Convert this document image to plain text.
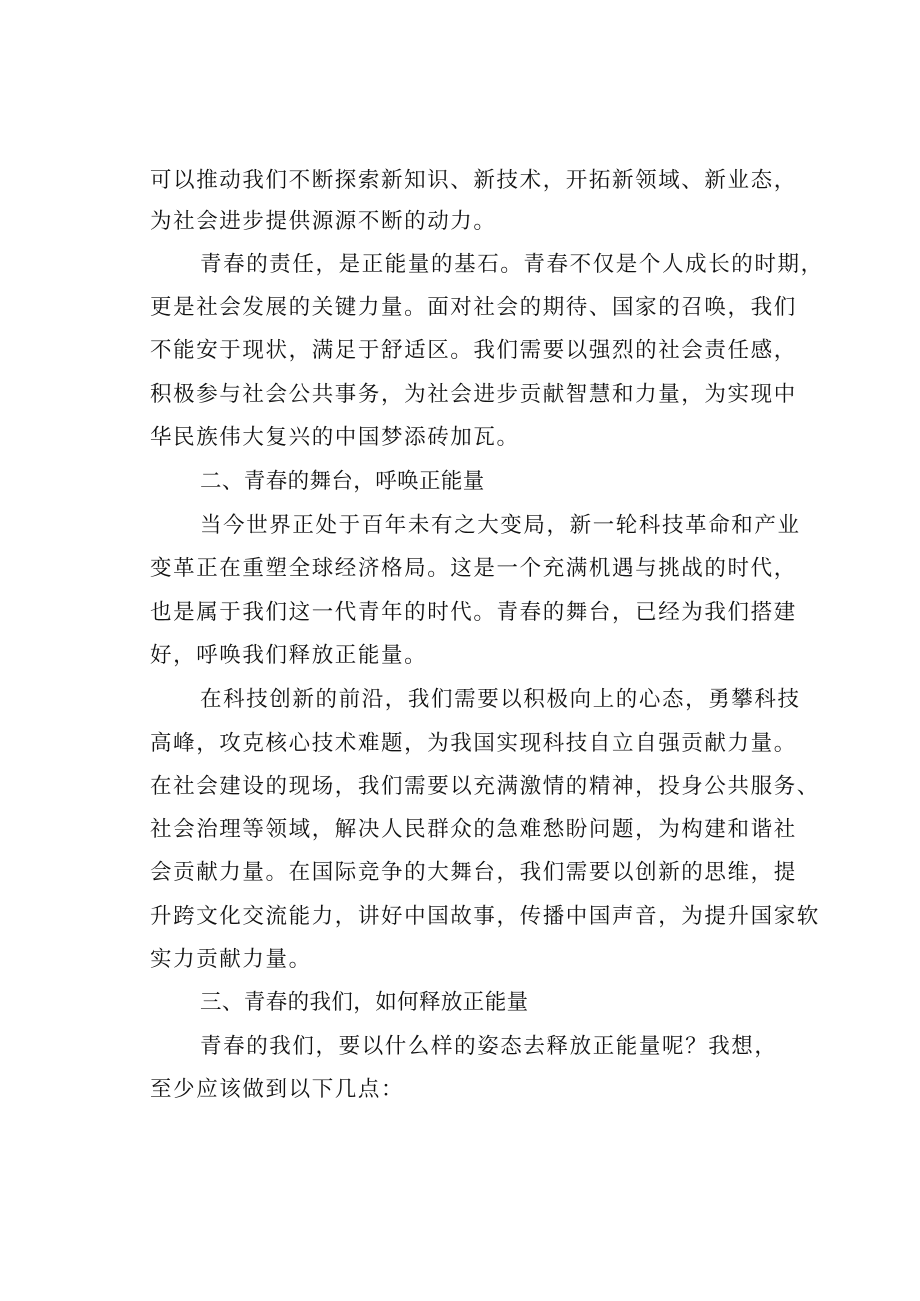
可以推动我们不断探索新知识、新技术，开拓新领域、新业态，
为社会进步提供源源不断的动力。
青春的责任，是正能量的基石。青春不仅是个人成长的时期，
更是社会发展的关键力量。面对社会的期待、国家的召唤，我们
不能安于现状，满足于舒适区。我们需要以强烈的社会责任感，
积极参与社会公共事务，为社会进步贡献智慧和力量，为实现中
华民族伟大复兴的中国梦添砖加瓦。
二、青春的舞台，呼唤正能量
当今世界正处于百年未有之大变局，新一轮科技革命和产业
变革正在重塑全球经济格局。这是一个充满机遇与挑战的时代，
也是属于我们这一代青年的时代。青春的舞台，已经为我们搭建
好，呼唤我们释放正能量。
在科技创新的前沿，我们需要以积极向上的心态，勇攀科技
高峰，攻克核心技术难题，为我国实现科技自立自强贡献力量。
在社会建设的现场，我们需要以充满激情的精神，投身公共服务、
社会治理等领域，解决人民群众的急难愁盼问题，为构建和谐社
会贡献力量。在国际竞争的大舞台，我们需要以创新的思维，提
升跨文化交流能力，讲好中国故事，传播中国声音，为提升国家软
实力贡献力量。
三、青春的我们，如何释放正能量
青春的我们，要以什么样的姿态去释放正能量呢？我想，
至少应该做到以下几点：
